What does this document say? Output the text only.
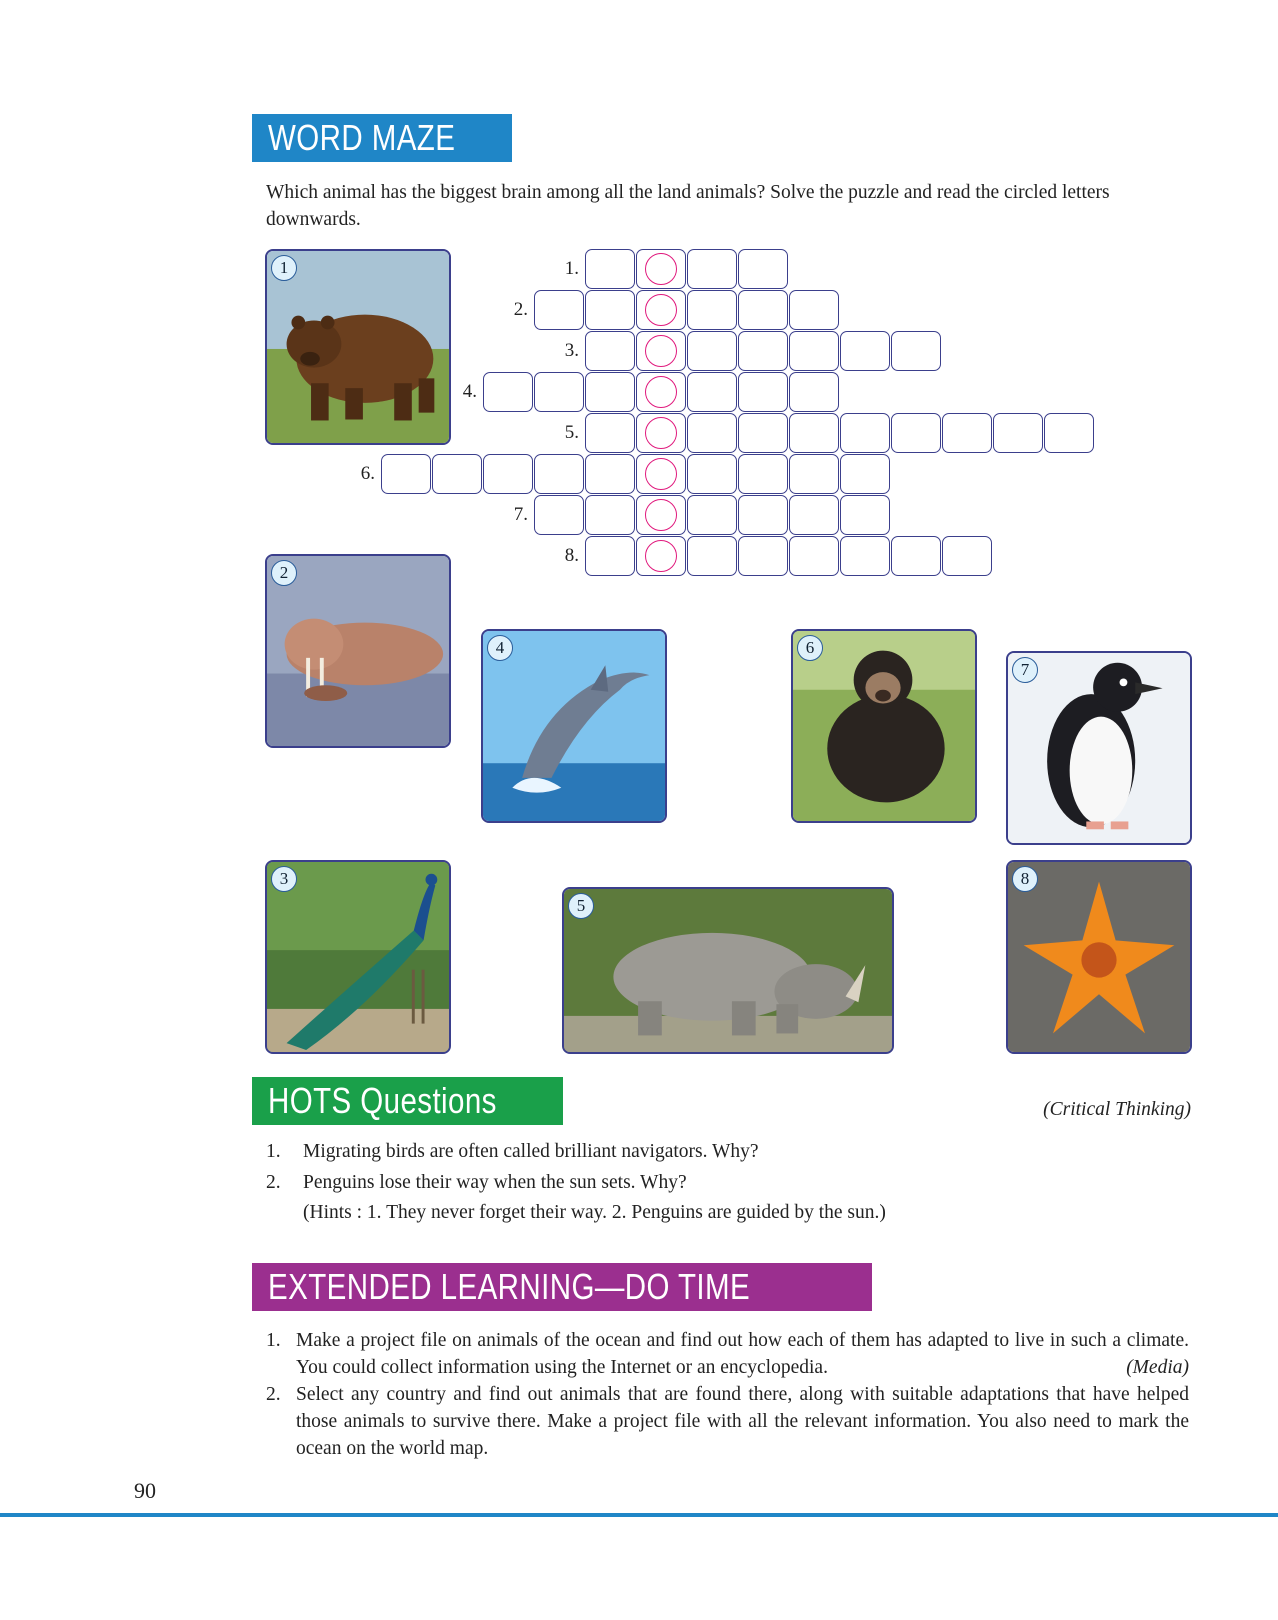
WORD MAZE
Which animal has the biggest brain among all the land animals? Solve the puzzle and read the circled letters downwards.
1.
2.
3.
4.
5.
6.
7.
8.
1
2
3
4
5
6
7
8
HOTS Questions	(Critical Thinking)
1. Migrating birds are often called brilliant navigators. Why?
2. Penguins lose their way when the sun sets. Why?
(Hints : 1. They never forget their way. 2. Penguins are guided by the sun.)
EXTENDED LEARNING—DO TIME
1. Make a project file on animals of the ocean and find out how each of them has adapted to live in such a climate. You could collect information using the Internet or an encyclopedia.	(Media)
2. Select any country and find out animals that are found there, along with suitable adaptations that have helped those animals to survive there. Make a project file with all the relevant information. You also need to mark the ocean on the world map.
90
